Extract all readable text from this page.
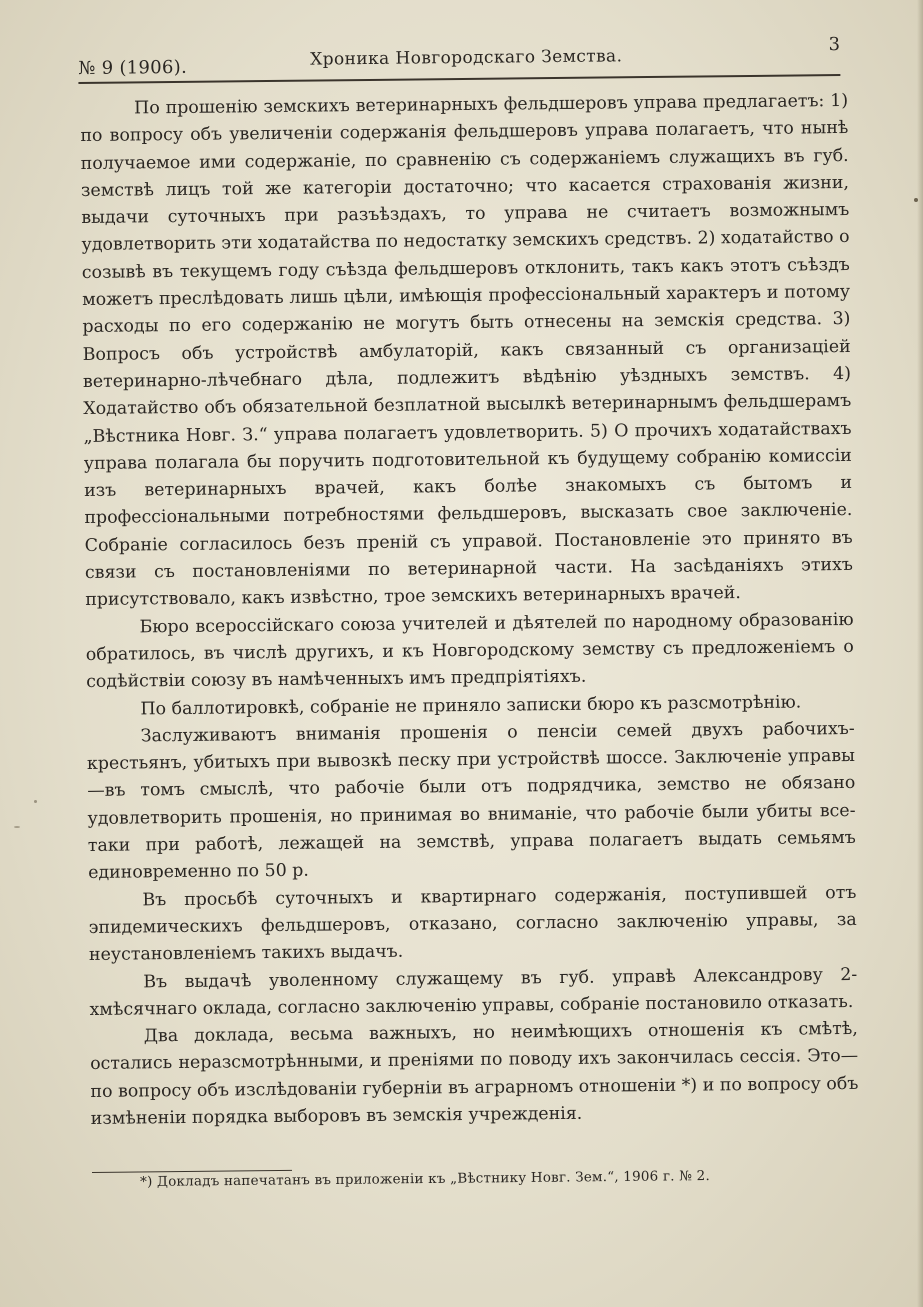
№ 9 (1906).	Хроника Новгородскаго Земства.
3

По прошенію земскихъ ветеринарныхъ фельдшеровъ управа предлагаетъ: 1) по вопросу объ увеличеніи содержанія фельдшеровъ управа полагаетъ, что нынѣ получаемое ими содержаніе, по сравненію съ содержаніемъ служащихъ въ губ. земствѣ лицъ той же категоріи достаточно; что касается страхованія жизни, выдачи суточныхъ при разъѣздахъ, то управа не считаетъ возможнымъ удовлетворить эти ходатайства по недостатку земскихъ средствъ. 2) ходатайство о созывѣ въ текущемъ году съѣзда фельдшеровъ отклонить, такъ какъ этотъ съѣздъ можетъ преслѣдовать лишь цѣли, имѣющія профессіональный характеръ и потому расходы по его содержанію не могутъ быть отнесены на земскія средства. 3) Вопросъ объ устройствѣ амбулаторій, какъ связанный съ организаціей ветеринарно-лѣчебнаго дѣла, подлежитъ вѣдѣнію уѣздныхъ земствъ. 4) Ходатайство объ обязательной безплатной высылкѣ ветеринарнымъ фельдшерамъ „Вѣстника Новг. З.“ управа полагаетъ удовлетворить. 5) О прочихъ ходатайствахъ управа полагала бы поручить подготовительной къ будущему собранію комиссіи изъ ветеринарныхъ врачей, какъ болѣе знакомыхъ съ бытомъ и профессіональными потребностями фельдшеровъ, высказать свое заключеніе. Собраніе согласилось безъ преній съ управой. Постановленіе это принято въ связи съ постановленіями по ветеринарной части. На засѣданіяхъ этихъ присутствовало, какъ извѣстно, трое земскихъ ветеринарныхъ врачей.

Бюро всероссійскаго союза учителей и дѣятелей по народному образованію обратилось, въ числѣ другихъ, и къ Новгородскому земству съ предложеніемъ о содѣйствіи союзу въ намѣченныхъ имъ предпріятіяхъ.

По баллотировкѣ, собраніе не приняло записки бюро къ разсмотрѣнію.

Заслуживаютъ вниманія прошенія о пенсіи семей двухъ рабочихъ-крестьянъ, убитыхъ при вывозкѣ песку при устройствѣ шоссе. Заключеніе управы —въ томъ смыслѣ, что рабочіе были отъ подрядчика, земство не обязано удовлетворить прошенія, но принимая во вниманіе, что рабочіе были убиты все-таки при работѣ, лежащей на земствѣ, управа полагаетъ выдать семьямъ единовременно по 50 р.

Въ просьбѣ суточныхъ и квартирнаго содержанія, поступившей отъ эпидемическихъ фельдшеровъ, отказано, согласно заключенію управы, за неустановленіемъ такихъ выдачъ.

Въ выдачѣ уволенному служащему въ губ. управѣ Александрову 2-хмѣсячнаго оклада, согласно заключенію управы, собраніе постановило отказать.

Два доклада, весьма важныхъ, но неимѣющихъ отношенія къ смѣтѣ, остались неразсмотрѣнными, и преніями по поводу ихъ закончилась сессія. Это—по вопросу объ изслѣдованіи губерніи въ аграрномъ отношеніи *) и по вопросу объ измѣненіи порядка выборовъ въ земскія учрежденія.

*) Докладъ напечатанъ въ приложеніи къ „Вѣстнику Новг. Зем.“, 1906 г. № 2.
